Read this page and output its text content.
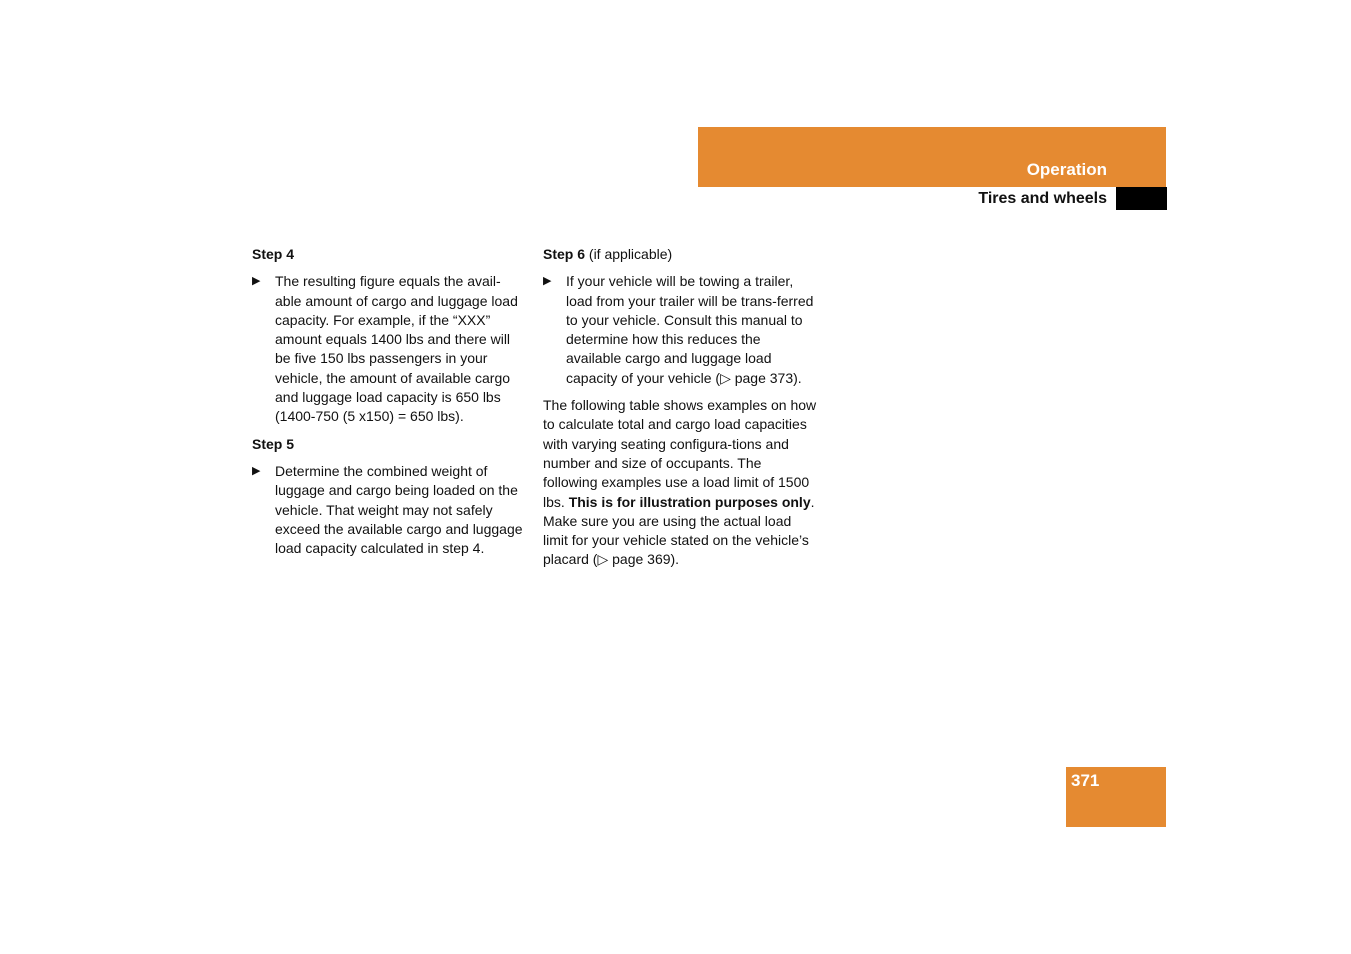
Operation
Tires and wheels

Step 4

▶ The resulting figure equals the avail-able amount of cargo and luggage load capacity. For example, if the “XXX” amount equals 1400 lbs and there will be five 150 lbs passengers in your vehicle, the amount of available cargo and luggage load capacity is 650 lbs (1400-750 (5 x150) = 650 lbs).

Step 5

▶ Determine the combined weight of luggage and cargo being loaded on the vehicle. That weight may not safely exceed the available cargo and luggage load capacity calculated in step 4.

Step 6 (if applicable)

▶ If your vehicle will be towing a trailer, load from your trailer will be trans-ferred to your vehicle. Consult this manual to determine how this reduces the available cargo and luggage load capacity of your vehicle (▷ page 373).

The following table shows examples on how to calculate total and cargo load capacities with varying seating configura-tions and number and size of occupants. The following examples use a load limit of 1500 lbs. This is for illustration purposes only. Make sure you are using the actual load limit for your vehicle stated on the vehicle’s placard (▷ page 369).

371
